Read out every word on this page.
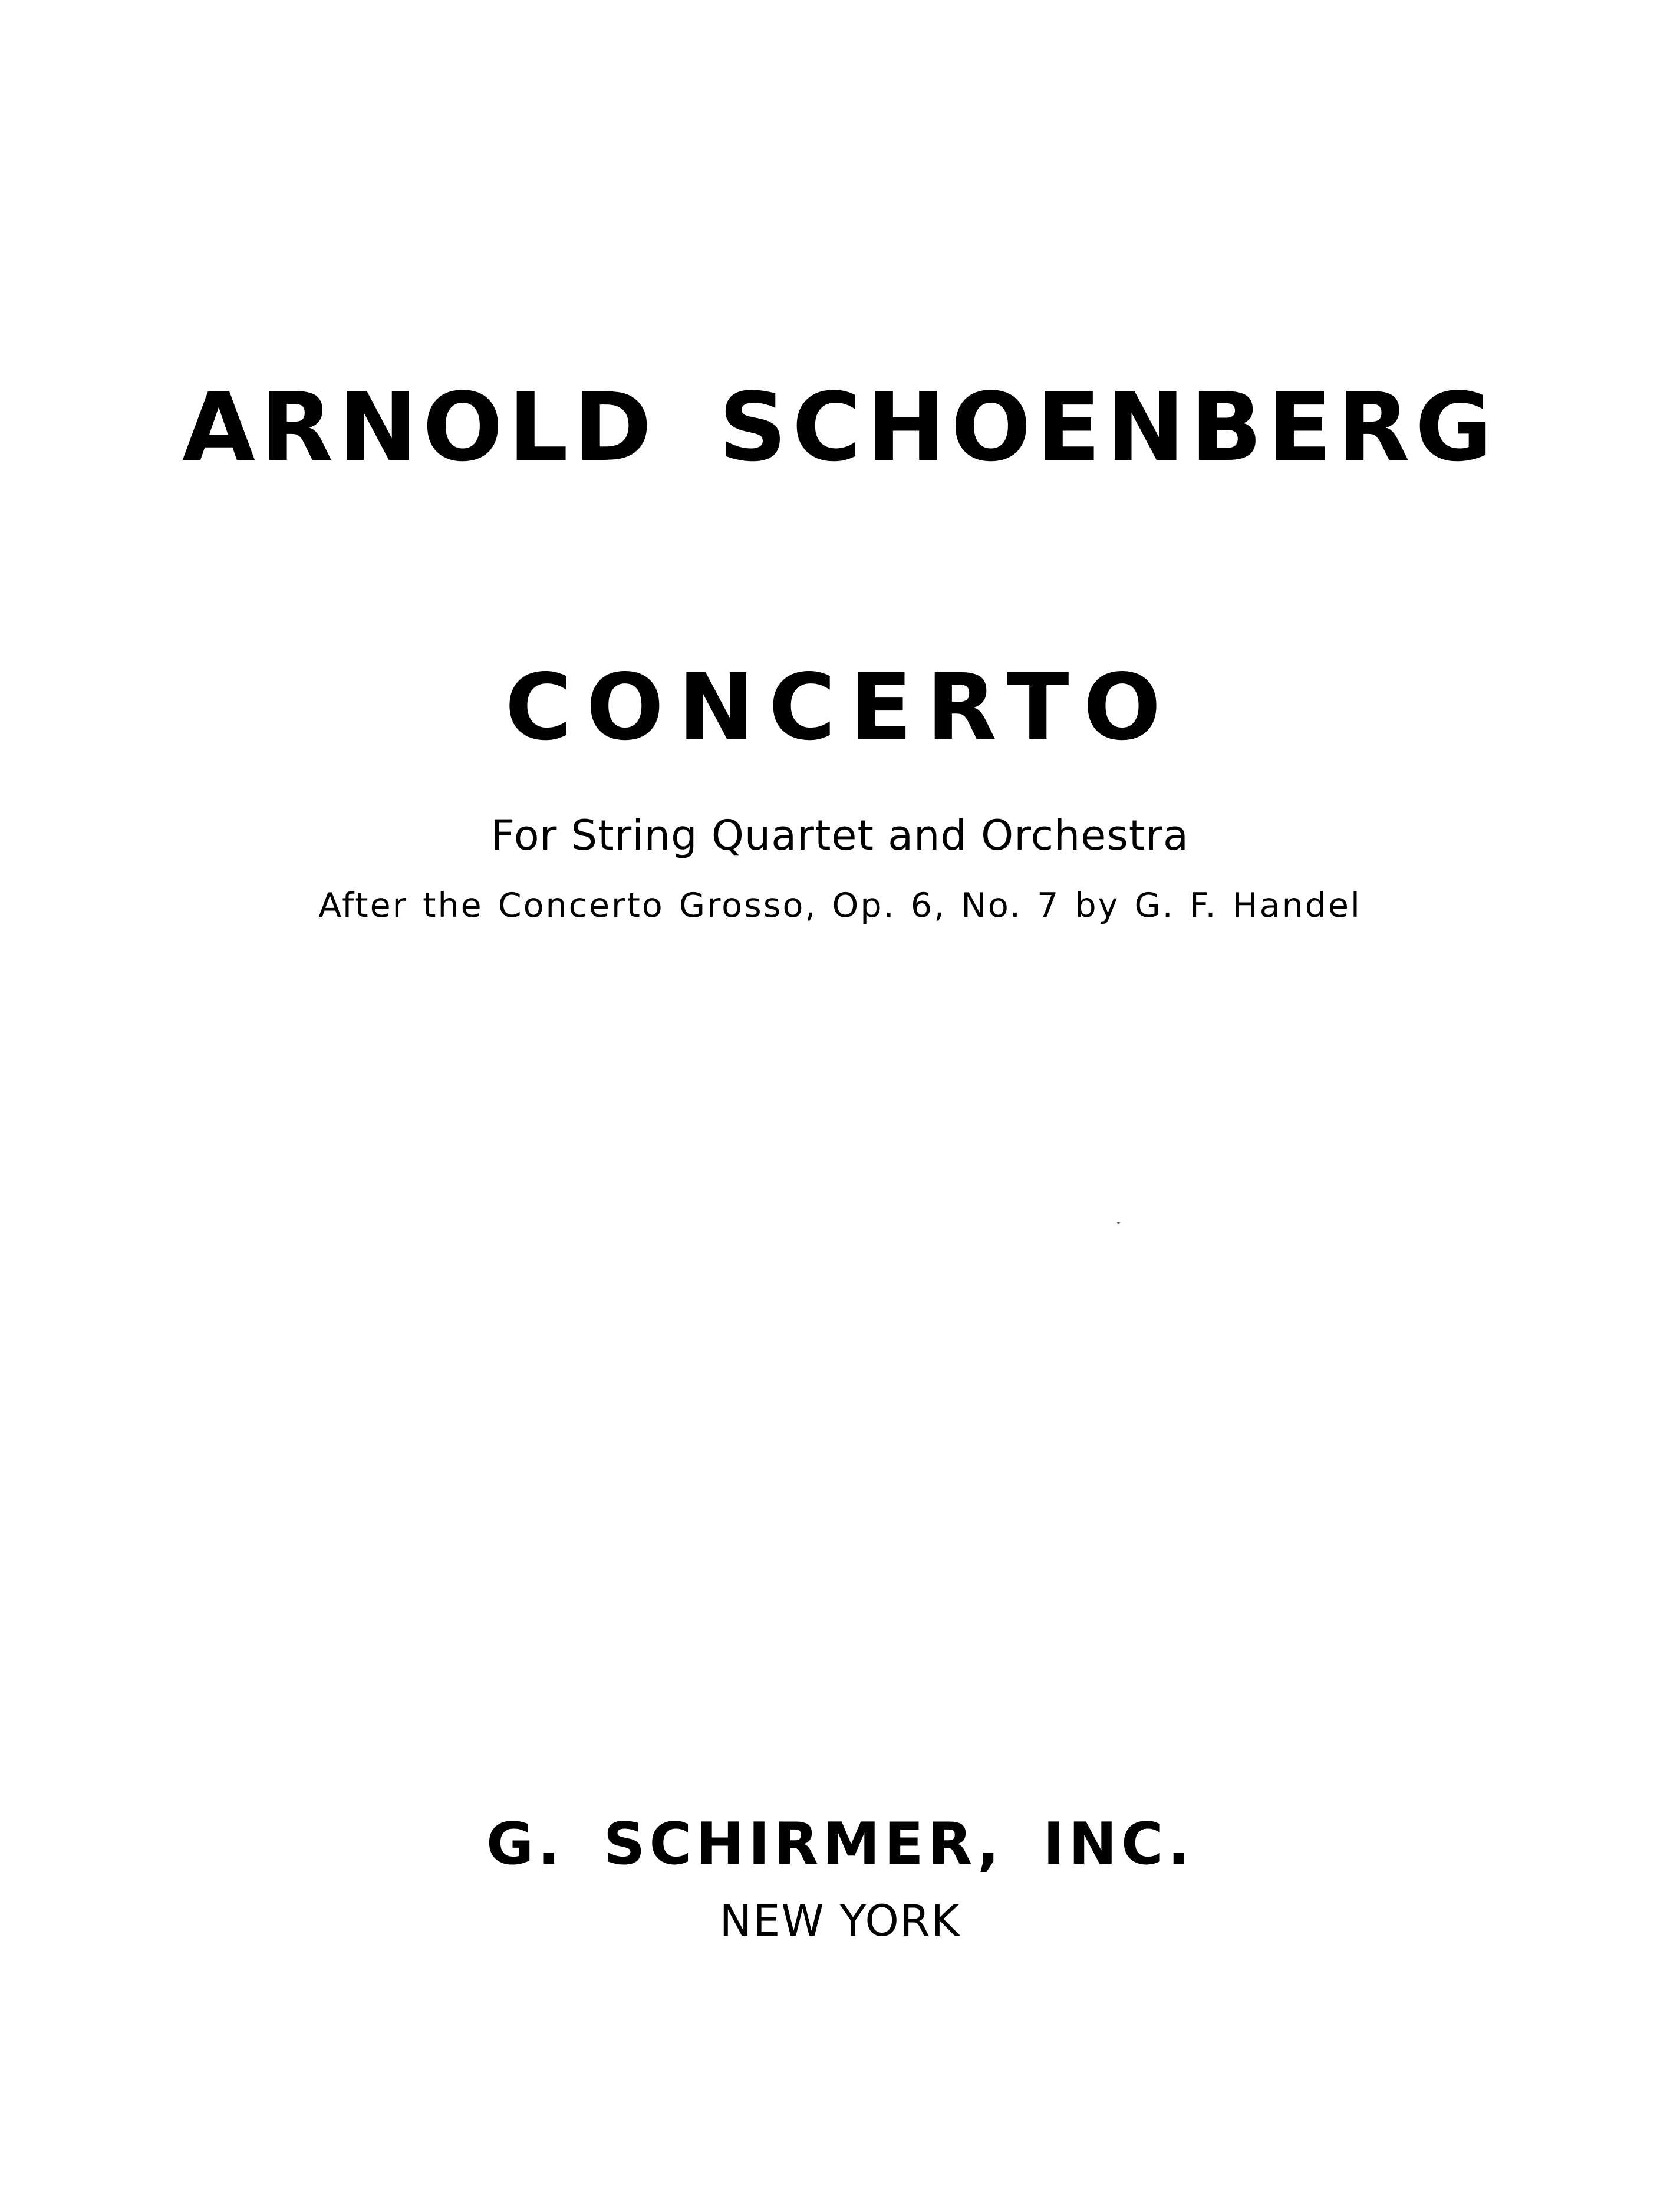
ARNOLD SCHOENBERG
CONCERTO
For String Quartet and Orchestra
After the Concerto Grosso, Op. 6, No. 7 by G. F. Handel
G. SCHIRMER, INC.
NEW YORK
